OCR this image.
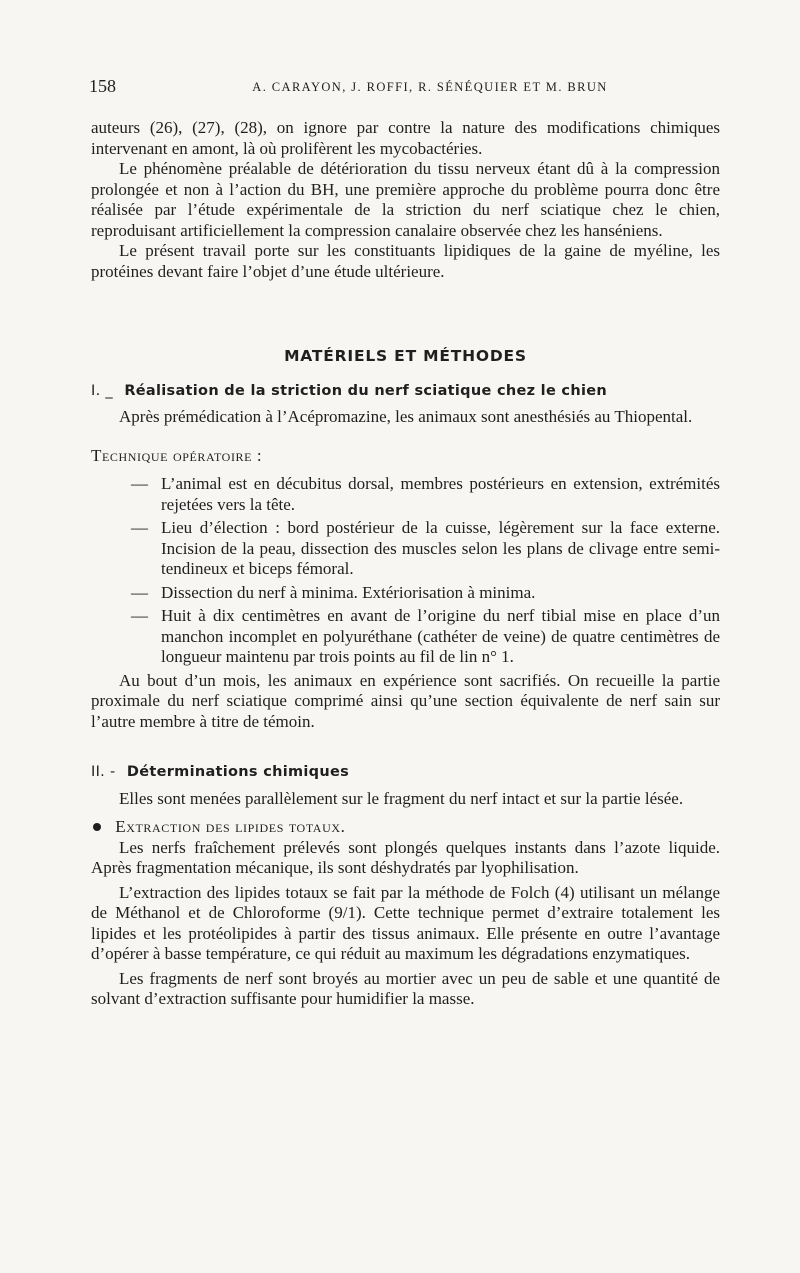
158	A. CARAYON, J. ROFFI, R. SÉNÉQUIER ET M. BRUN

auteurs (26), (27), (28), on ignore par contre la nature des modifications chimiques intervenant en amont, là où prolifèrent les mycobactéries.

Le phénomène préalable de détérioration du tissu nerveux étant dû à la compression prolongée et non à l’action du BH, une première approche du problème pourra donc être réalisée par l’étude expérimentale de la striction du nerf sciatique chez le chien, reproduisant artificiellement la compression canalaire observée chez les hanséniens.

Le présent travail porte sur les constituants lipidiques de la gaine de myéline, les protéines devant faire l’objet d’une étude ultérieure.

MATÉRIELS ET MÉTHODES
I. _ Réalisation de la striction du nerf sciatique chez le chien

Après prémédication à l’Acépromazine, les animaux sont anesthésiés au Thiopental.

Technique opératoire :

— L’animal est en décubitus dorsal, membres postérieurs en extension, extrémités rejetées vers la tête.
— Lieu d’élection : bord postérieur de la cuisse, légèrement sur la face externe. Incision de la peau, dissection des muscles selon les plans de clivage entre semi-tendineux et biceps fémoral.
— Dissection du nerf à minima. Extériorisation à minima.
— Huit à dix centimètres en avant de l’origine du nerf tibial mise en place d’un manchon incomplet en polyuréthane (cathéter de veine) de quatre centimètres de longueur maintenu par trois points au fil de lin n° 1.

Au bout d’un mois, les animaux en expérience sont sacrifiés. On recueille la partie proximale du nerf sciatique comprimé ainsi qu’une section équivalente de nerf sain sur l’autre membre à titre de témoin.

II. - Déterminations chimiques

Elles sont menées parallèlement sur le fragment du nerf intact et sur la partie lésée.

Extraction des lipides totaux.

Les nerfs fraîchement prélevés sont plongés quelques instants dans l’azote liquide. Après fragmentation mécanique, ils sont déshydratés par lyophilisation.

L’extraction des lipides totaux se fait par la méthode de Folch (4) utilisant un mélange de Méthanol et de Chloroforme (9/1). Cette technique permet d’extraire totalement les lipides et les protéolipides à partir des tissus animaux. Elle présente en outre l’avantage d’opérer à basse température, ce qui réduit au maximum les dégradations enzymatiques.

Les fragments de nerf sont broyés au mortier avec un peu de sable et une quantité de solvant d’extraction suffisante pour humidifier la masse.
